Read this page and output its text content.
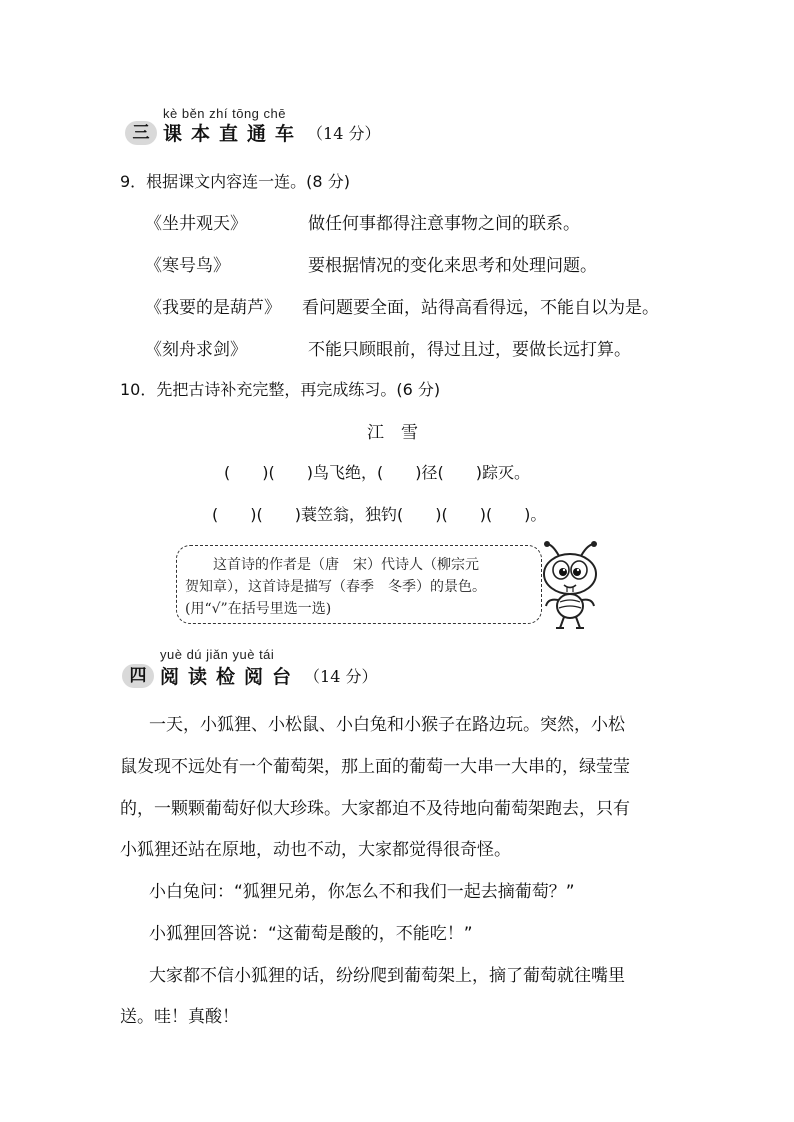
kè běn zhí tōng chē
三 课本直通车 （14 分）
9．根据课文内容连一连。(8 分)
《坐井观天》	做任何事都得注意事物之间的联系。
《寒号鸟》	要根据情况的变化来思考和处理问题。
《我要的是葫芦》 看问题要全面，站得高看得远，不能自以为是。
《刻舟求剑》	不能只顾眼前，得过且过，要做长远打算。
10．先把古诗补充完整，再完成练习。(6 分)
江　雪
(　　)(　　)鸟飞绝，(　　)径(　　)踪灭。
(　　)(　　)蓑笠翁，独钓(　　)(　　)(　　)。
这首诗的作者是（唐　宋）代诗人（柳宗元
贺知章），这首诗是描写（春季　冬季）的景色。
(用“√”在括号里选一选)
yuè dú jiǎn yuè tái
四 阅读检阅台 （14 分）
一天，小狐狸、小松鼠、小白兔和小猴子在路边玩。突然，小松
鼠发现不远处有一个葡萄架，那上面的葡萄一大串一大串的，绿莹莹
的，一颗颗葡萄好似大珍珠。大家都迫不及待地向葡萄架跑去，只有
小狐狸还站在原地，动也不动，大家都觉得很奇怪。
小白兔问：“狐狸兄弟，你怎么不和我们一起去摘葡萄？”
小狐狸回答说：“这葡萄是酸的，不能吃！”
大家都不信小狐狸的话，纷纷爬到葡萄架上，摘了葡萄就往嘴里
送。哇！真酸！
